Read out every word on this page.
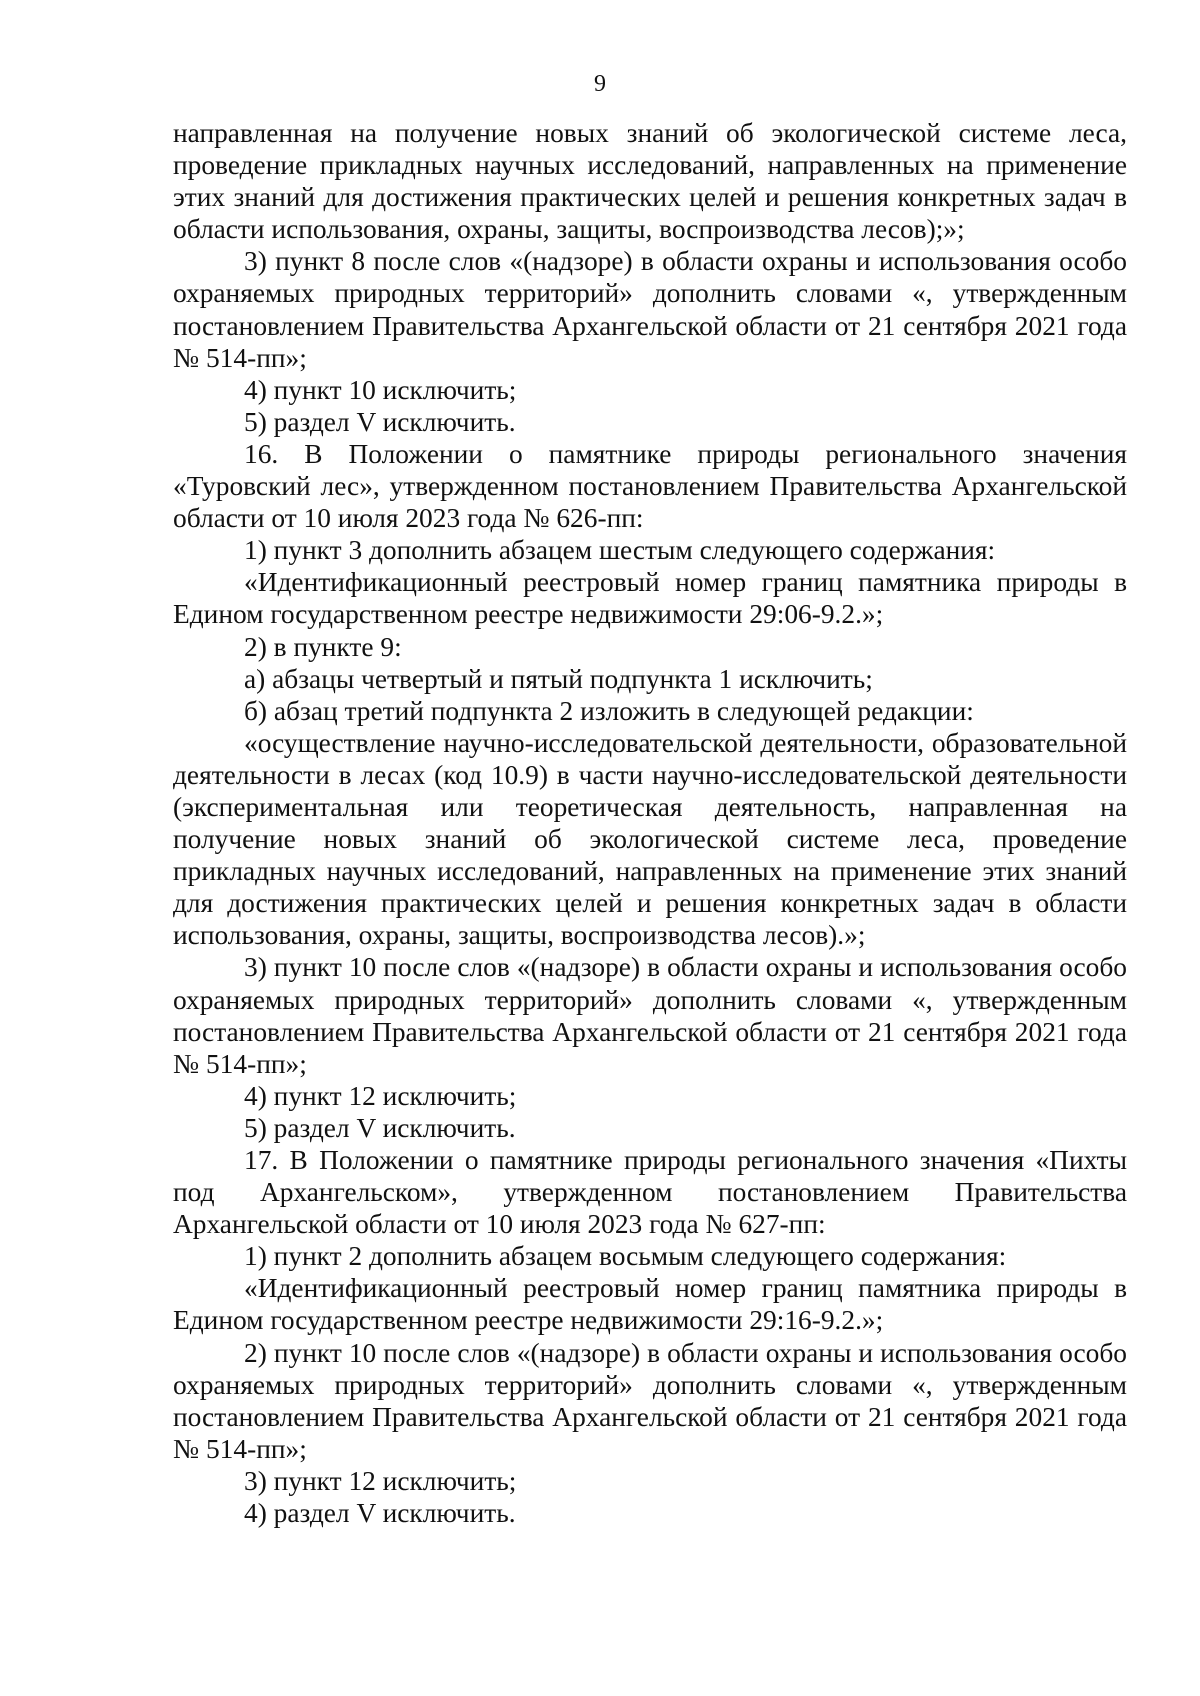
9

направленная на получение новых знаний об экологической системе леса, проведение прикладных научных исследований, направленных на применение этих знаний для достижения практических целей и решения конкретных задач в области использования, охраны, защиты, воспроизводства лесов);»;

3) пункт 8 после слов «(надзоре) в области охраны и использования особо охраняемых природных территорий» дополнить словами «, утвержденным постановлением Правительства Архангельской области от 21 сентября 2021 года № 514-пп»;

4) пункт 10 исключить;

5) раздел V исключить.

16. В Положении о памятнике природы регионального значения «Туровский лес», утвержденном постановлением Правительства Архангельской области от 10 июля 2023 года № 626-пп:

1) пункт 3 дополнить абзацем шестым следующего содержания:

«Идентификационный реестровый номер границ памятника природы в Едином государственном реестре недвижимости 29:06-9.2.»;

2) в пункте 9:

а) абзацы четвертый и пятый подпункта 1 исключить;

б) абзац третий подпункта 2 изложить в следующей редакции:

«осуществление научно-исследовательской деятельности, образовательной деятельности в лесах (код 10.9) в части научно-исследовательской деятельности (экспериментальная или теоретическая деятельность, направленная на получение новых знаний об экологической системе леса, проведение прикладных научных исследований, направленных на применение этих знаний для достижения практических целей и решения конкретных задач в области использования, охраны, защиты, воспроизводства лесов).»;

3) пункт 10 после слов «(надзоре) в области охраны и использования особо охраняемых природных территорий» дополнить словами «, утвержденным постановлением Правительства Архангельской области от 21 сентября 2021 года № 514-пп»;

4) пункт 12 исключить;

5) раздел V исключить.

17. В Положении о памятнике природы регионального значения «Пихты под Архангельском», утвержденном постановлением Правительства Архангельской области от 10 июля 2023 года № 627-пп:

1) пункт 2 дополнить абзацем восьмым следующего содержания:

«Идентификационный реестровый номер границ памятника природы в Едином государственном реестре недвижимости 29:16-9.2.»;

2) пункт 10 после слов «(надзоре) в области охраны и использования особо охраняемых природных территорий» дополнить словами «, утвержденным постановлением Правительства Архангельской области от 21 сентября 2021 года № 514-пп»;

3) пункт 12 исключить;

4) раздел V исключить.
